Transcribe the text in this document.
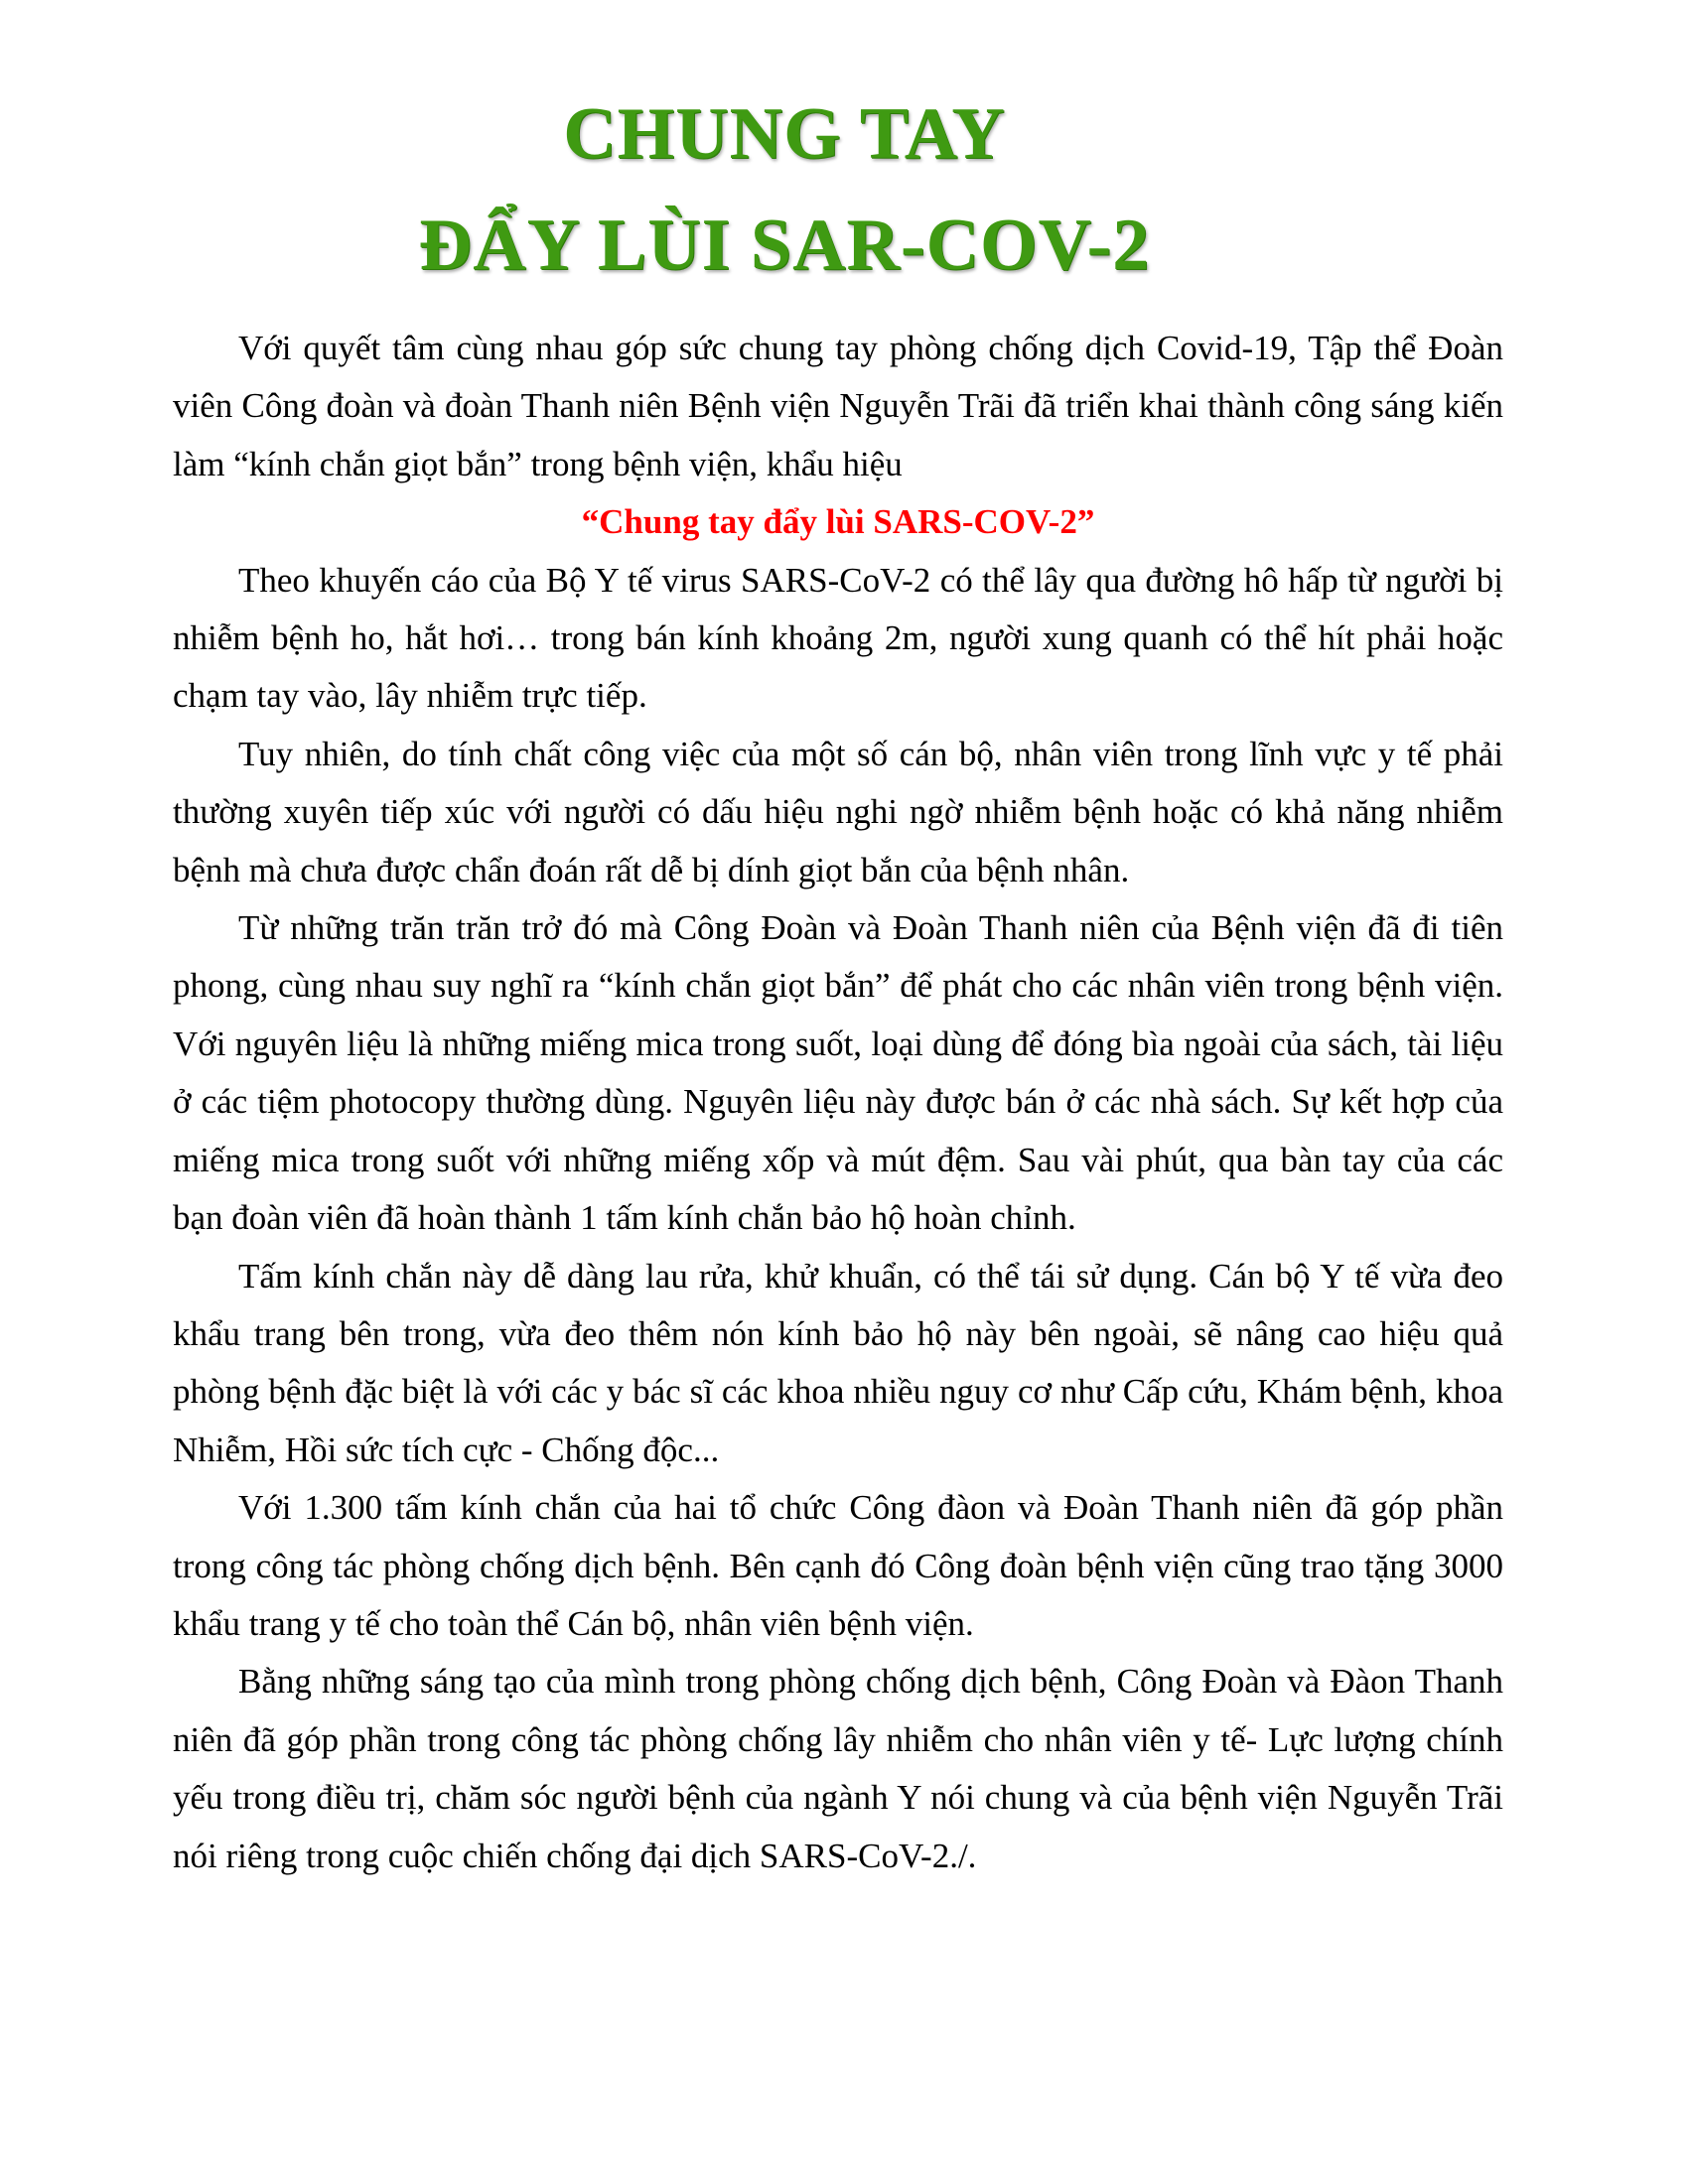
CHUNG TAY
ĐẨY LÙI SAR-COV-2

Với quyết tâm cùng nhau góp sức chung tay phòng chống dịch Covid-19, Tập thể Đoàn viên Công đoàn và đoàn Thanh niên Bệnh viện Nguyễn Trãi đã triển khai thành công sáng kiến làm “kính chắn giọt bắn” trong bệnh viện, khẩu hiệu

“Chung tay đẩy lùi SARS-COV-2”

Theo khuyến cáo của Bộ Y tế virus SARS-CoV-2 có thể lây qua đường hô hấp từ người bị nhiễm bệnh ho, hắt hơi… trong bán kính khoảng 2m, người xung quanh có thể hít phải hoặc chạm tay vào, lây nhiễm trực tiếp.

Tuy nhiên, do tính chất công việc của một số cán bộ, nhân viên trong lĩnh vực y tế phải thường xuyên tiếp xúc với người có dấu hiệu nghi ngờ nhiễm bệnh hoặc có khả năng nhiễm bệnh mà chưa được chẩn đoán rất dễ bị dính giọt bắn của bệnh nhân.

Từ những trăn trăn trở đó mà Công Đoàn và Đoàn Thanh niên của Bệnh viện đã đi tiên phong, cùng nhau suy nghĩ ra “kính chắn giọt bắn” để phát cho các nhân viên trong bệnh viện. Với nguyên liệu là những miếng mica trong suốt, loại dùng để đóng bìa ngoài của sách, tài liệu ở các tiệm photocopy thường dùng. Nguyên liệu này được bán ở các nhà sách. Sự kết hợp của miếng mica trong suốt với những miếng xốp và mút đệm. Sau vài phút, qua bàn tay của các bạn đoàn viên đã hoàn thành 1 tấm kính chắn bảo hộ hoàn chỉnh.

Tấm kính chắn này dễ dàng lau rửa, khử khuẩn, có thể tái sử dụng. Cán bộ Y tế vừa đeo khẩu trang bên trong, vừa đeo thêm nón kính bảo hộ này bên ngoài, sẽ nâng cao hiệu quả phòng bệnh đặc biệt là với các y bác sĩ các khoa nhiều nguy cơ như Cấp cứu, Khám bệnh, khoa Nhiễm, Hồi sức tích cực - Chống độc...

Với 1.300 tấm kính chắn của hai tổ chức Công đàon và Đoàn Thanh niên đã góp phần trong công tác phòng chống dịch bệnh. Bên cạnh đó Công đoàn bệnh viện cũng trao tặng 3000 khẩu trang y tế cho toàn thể Cán bộ, nhân viên bệnh viện.

Bằng những sáng tạo của mình trong phòng chống dịch bệnh, Công Đoàn và Đàon Thanh niên đã góp phần trong công tác phòng chống lây nhiễm cho nhân viên y tế- Lực lượng chính yếu trong điều trị, chăm sóc người bệnh của ngành Y nói chung và của bệnh viện Nguyễn Trãi nói riêng trong cuộc chiến chống đại dịch SARS-CoV-2./.
